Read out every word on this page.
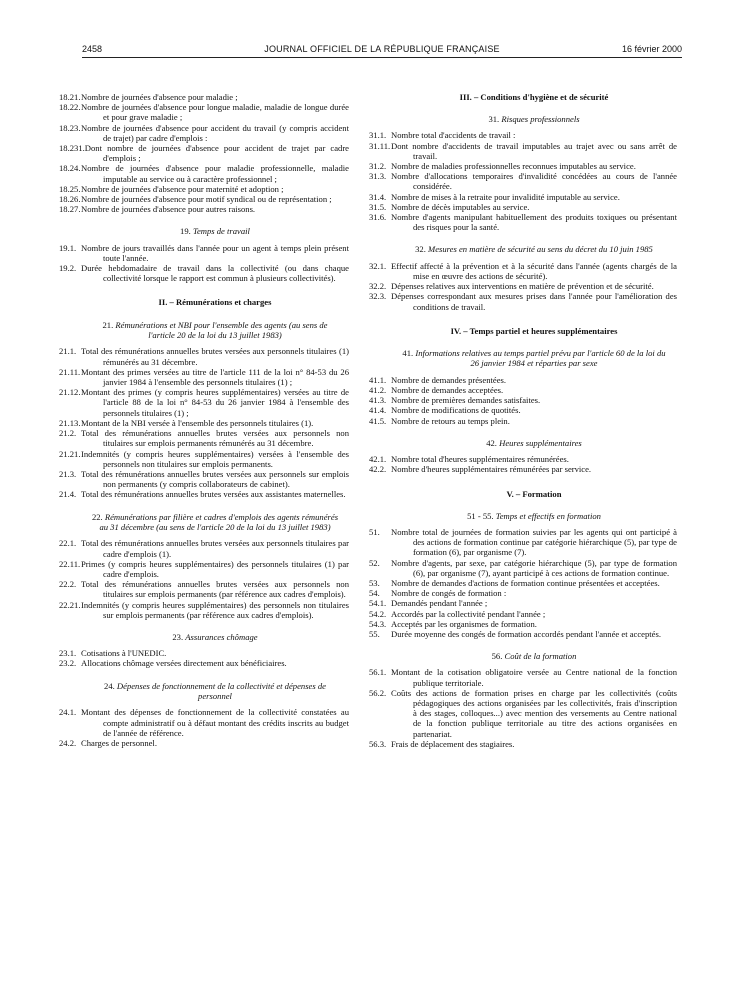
2458	JOURNAL OFFICIEL DE LA RÉPUBLIQUE FRANÇAISE	16 février 2000

18.21 Nombre de journées d'absence pour maladie ;

18.22 Nombre de journées d'absence pour longue maladie, maladie de longue durée et pour grave maladie ;

18.23 Nombre de journées d'absence pour accident du travail (y compris accident de trajet) par cadre d'emplois :

18.231 . Dont nombre de journées d'absence pour accident de trajet par cadre d'emplois ;

18.24 Nombre de journées d'absence pour maladie professionnelle, maladie imputable au service ou à caractère professionnel ;

18.25 Nombre de journées d'absence pour maternité et adoption ;

18.26 Nombre de journées d'absence pour motif syndical ou de représentation ;

18.27 Nombre de journées d'absence pour autres raisons.

19. Temps de travail

19.1 Nombre de jours travaillés dans l'année pour un agent à temps plein présent toute l'année.

19.2 Durée hebdomadaire de travail dans la collectivité (ou dans chaque collectivité lorsque le rapport est commun à plusieurs collectivités).

II. – Rémunérations et charges
21. Rémunérations et NBI pour l'ensemble des agents (au sens de l'article 20 de la loi du 13 juillet 1983)

21.1 Total des rémunérations annuelles brutes versées aux personnels titulaires (1) rémunérés au 31 décembre.

21.11 Montant des primes versées au titre de l'article 111 de la loi n° 84-53 du 26 janvier 1984 à l'ensemble des personnels titulaires (1) ;

21.12 Montant des primes (y compris heures supplémentaires) versées au titre de l'article 88 de la loi n° 84-53 du 26 janvier 1984 à l'ensemble des personnels titulaires (1) ;

21.13 Montant de la NBI versée à l'ensemble des personnels titulaires (1).

21.2 Total des rémunérations annuelles brutes versées aux personnels non titulaires sur emplois permanents rémunérés au 31 décembre.

21.21 Indemnités (y compris heures supplémentaires) versées à l'ensemble des personnels non titulaires sur emplois permanents.

21.3 Total des rémunérations annuelles brutes versées aux personnels sur emplois non permanents (y compris collaborateurs de cabinet).

21.4 Total des rémunérations annuelles brutes versées aux assistantes maternelles.

22. Rémunérations par filière et cadres d'emplois des agents rémunérés au 31 décembre (au sens de l'article 20 de la loi du 13 juillet 1983)

22.1 Total des rémunérations annuelles brutes versées aux personnels titulaires par cadre d'emplois (1).

22.11 Primes (y compris heures supplémentaires) des personnels titulaires (1) par cadre d'emplois.

22.2 Total des rémunérations annuelles brutes versées aux personnels non titulaires sur emplois permanents (par référence aux cadres d'emplois).

22.21 Indemnités (y compris heures supplémentaires) des personnels non titulaires sur emplois permanents (par référence aux cadres d'emplois).

23. Assurances chômage

23.1 Cotisations à l'UNEDIC.

23.2 Allocations chômage versées directement aux bénéficiaires.

24. Dépenses de fonctionnement de la collectivité et dépenses de personnel

24.1 Montant des dépenses de fonctionnement de la collectivité constatées au compte administratif ou à défaut montant des crédits inscrits au budget de l'année de référence.

24.2 Charges de personnel.

III. – Conditions d'hygiène et de sécurité
31. Risques professionnels

31.1 Nombre total d'accidents de travail :

31.11 Dont nombre d'accidents de travail imputables au trajet avec ou sans arrêt de travail.

31.2 Nombre de maladies professionnelles reconnues imputables au service.

31.3 Nombre d'allocations temporaires d'invalidité concédées au cours de l'année considérée.

31.4 Nombre de mises à la retraite pour invalidité imputable au service.

31.5 Nombre de décès imputables au service.

31.6 Nombre d'agents manipulant habituellement des produits toxiques ou présentant des risques pour la santé.

32. Mesures en matière de sécurité au sens du décret du 10 juin 1985

32.1 Effectif affecté à la prévention et à la sécurité dans l'année (agents chargés de la mise en œuvre des actions de sécurité).

32.2 Dépenses relatives aux interventions en matière de prévention et de sécurité.

32.3 Dépenses correspondant aux mesures prises dans l'année pour l'amélioration des conditions de travail.

IV. – Temps partiel et heures supplémentaires
41. Informations relatives au temps partiel prévu par l'article 60 de la loi du 26 janvier 1984 et réparties par sexe

41.1 Nombre de demandes présentées.

41.2 Nombre de demandes acceptées.

41.3 Nombre de premières demandes satisfaites.

41.4 Nombre de modifications de quotités.

41.5 Nombre de retours au temps plein.

42. Heures supplémentaires

42.1 Nombre total d'heures supplémentaires rémunérées.

42.2 Nombre d'heures supplémentaires rémunérées par service.

V. – Formation
51 - 55. Temps et effectifs en formation

51 Nombre total de journées de formation suivies par les agents qui ont participé à des actions de formation continue par catégorie hiérarchique (5), par type de formation (6), par organisme (7).

52 Nombre d'agents, par sexe, par catégorie hiérarchique (5), par type de formation (6), par organisme (7), ayant participé à ces actions de formation continue.

53 Nombre de demandes d'actions de formation continue présentées et acceptées.

54 Nombre de congés de formation :

54.1 Demandés pendant l'année ;

54.2 Accordés par la collectivité pendant l'année ;

54.3 Acceptés par les organismes de formation.

55 Durée moyenne des congés de formation accordés pendant l'année et acceptés.

56. Coût de la formation

56.1 Montant de la cotisation obligatoire versée au Centre national de la fonction publique territoriale.

56.2 Coûts des actions de formation prises en charge par les collectivités (coûts pédagogiques des actions organisées par les collectivités, frais d'inscription à des stages, colloques...) avec mention des versements au Centre national de la fonction publique territoriale au titre des actions organisées en partenariat.

56.3 Frais de déplacement des stagiaires.
